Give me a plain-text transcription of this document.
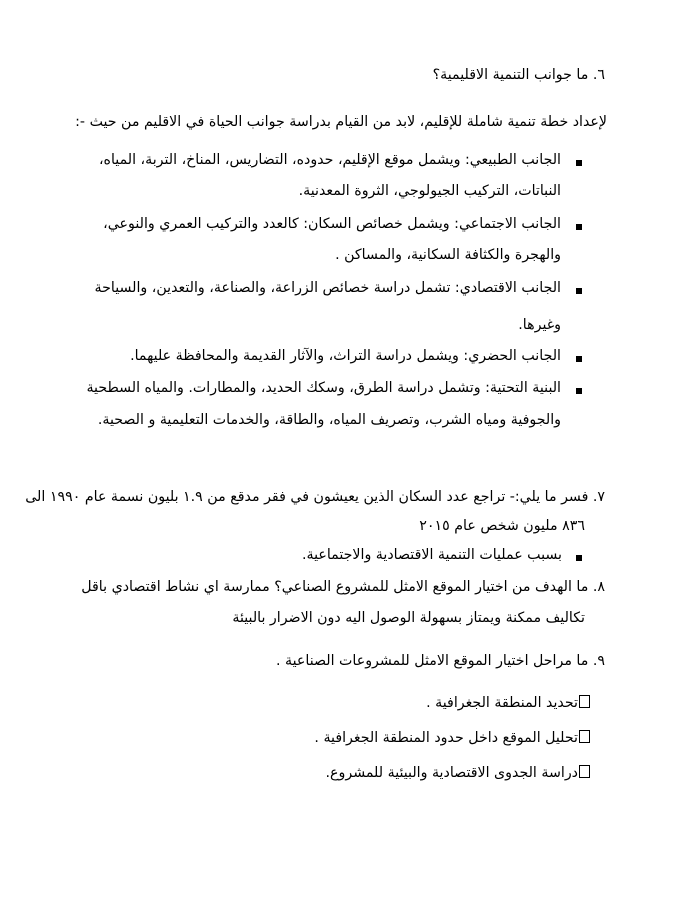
٦. ما جوانب التنمية الاقليمية؟
لإعداد خطة تنمية شاملة للإقليم، لابد من القيام بدراسة جوانب الحياة في الاقليم من حيث -:
الجانب الطبيعي: ويشمل موقع الإقليم، حدوده، التضاريس، المناخ، التربة، المياه،
النباتات، التركيب الجيولوجي، الثروة المعدنية.
الجانب الاجتماعي: ويشمل خصائص السكان: كالعدد والتركيب العمري والنوعي،
والهجرة والكثافة السكانية، والمساكن .
الجانب الاقتصادي: تشمل دراسة خصائص الزراعة، والصناعة، والتعدين، والسياحة
وغيرها.
الجانب الحضري: ويشمل دراسة التراث، والآثار القديمة والمحافظة عليهما.
البنية التحتية: وتشمل دراسة الطرق، وسكك الحديد، والمطارات. والمياه السطحية
والجوفية ومياه الشرب، وتصريف المياه، والطاقة، والخدمات التعليمية و الصحية.
٧. فسر ما يلي:- تراجع عدد السكان الذين يعيشون في فقر مدقع من ١.٩ بليون نسمة عام ١٩٩٠ الى
٨٣٦ مليون شخص عام ٢٠١٥
بسبب عمليات التنمية الاقتصادية والاجتماعية.
٨. ما الهدف من اختيار الموقع الامثل للمشروع الصناعي؟ ممارسة اي نشاط اقتصادي باقل
تكاليف ممكنة ويمتاز بسهولة الوصول اليه دون الاضرار بالبيئة
٩. ما مراحل اختيار الموقع الامثل للمشروعات الصناعية .
تحديد المنطقة الجغرافية .
تحليل الموقع داخل حدود المنطقة الجغرافية .
دراسة الجدوى الاقتصادية والبيئية للمشروع.
